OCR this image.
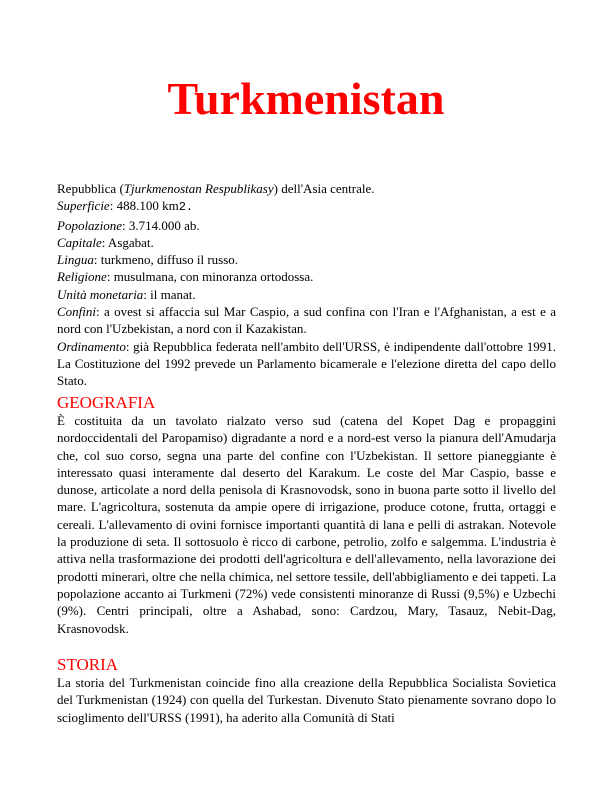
Turkmenistan

Repubblica (Tjurkmenostan Respublikasy) dell'Asia centrale.

Superficie: 488.100 km2.

Popolazione: 3.714.000 ab.

Capitale: Asgabat.

Lingua: turkmeno, diffuso il russo.

Religione: musulmana, con minoranza ortodossa.

Unità monetaria: il manat.

Confini: a ovest si affaccia sul Mar Caspio, a sud confina con l'Iran e l'Afghanistan, a est e a nord con l'Uzbekistan, a nord con il Kazakistan.

Ordinamento: già Repubblica federata nell'ambito dell'URSS, è indipendente dall'ottobre 1991. La Costituzione del 1992 prevede un Parlamento bicamerale e l'elezione diretta del capo dello Stato.

GEOGRAFIA

È costituita da un tavolato rialzato verso sud (catena del Kopet Dag e propaggini nordoccidentali del Paropamiso) digradante a nord e a nord-est verso la pianura dell'Amudarja che, col suo corso, segna una parte del confine con l'Uzbekistan. Il settore pianeggiante è interessato quasi interamente dal deserto del Karakum. Le coste del Mar Caspio, basse e dunose, articolate a nord della penisola di Krasnovodsk, sono in buona parte sotto il livello del mare. L'agricoltura, sostenuta da ampie opere di irrigazione, produce cotone, frutta, ortaggi e cereali. L'allevamento di ovini fornisce importanti quantità di lana e pelli di astrakan. Notevole la produzione di seta. Il sottosuolo è ricco di carbone, petrolio, zolfo e salgemma. L'industria è attiva nella trasformazione dei prodotti dell'agricoltura e dell'allevamento, nella lavorazione dei prodotti minerari, oltre che nella chimica, nel settore tessile, dell'abbigliamento e dei tappeti. La popolazione accanto ai Turkmeni (72%) vede consistenti minoranze di Russi (9,5%) e Uzbechi (9%). Centri principali, oltre a Ashabad, sono: Cardzou, Mary, Tasauz, Nebit-Dag, Krasnovodsk.

STORIA

La storia del Turkmenistan coincide fino alla creazione della Repubblica Socialista Sovietica del Turkmenistan (1924) con quella del Turkestan. Divenuto Stato pienamente sovrano dopo lo scioglimento dell'URSS (1991), ha aderito alla Comunità di Stati
